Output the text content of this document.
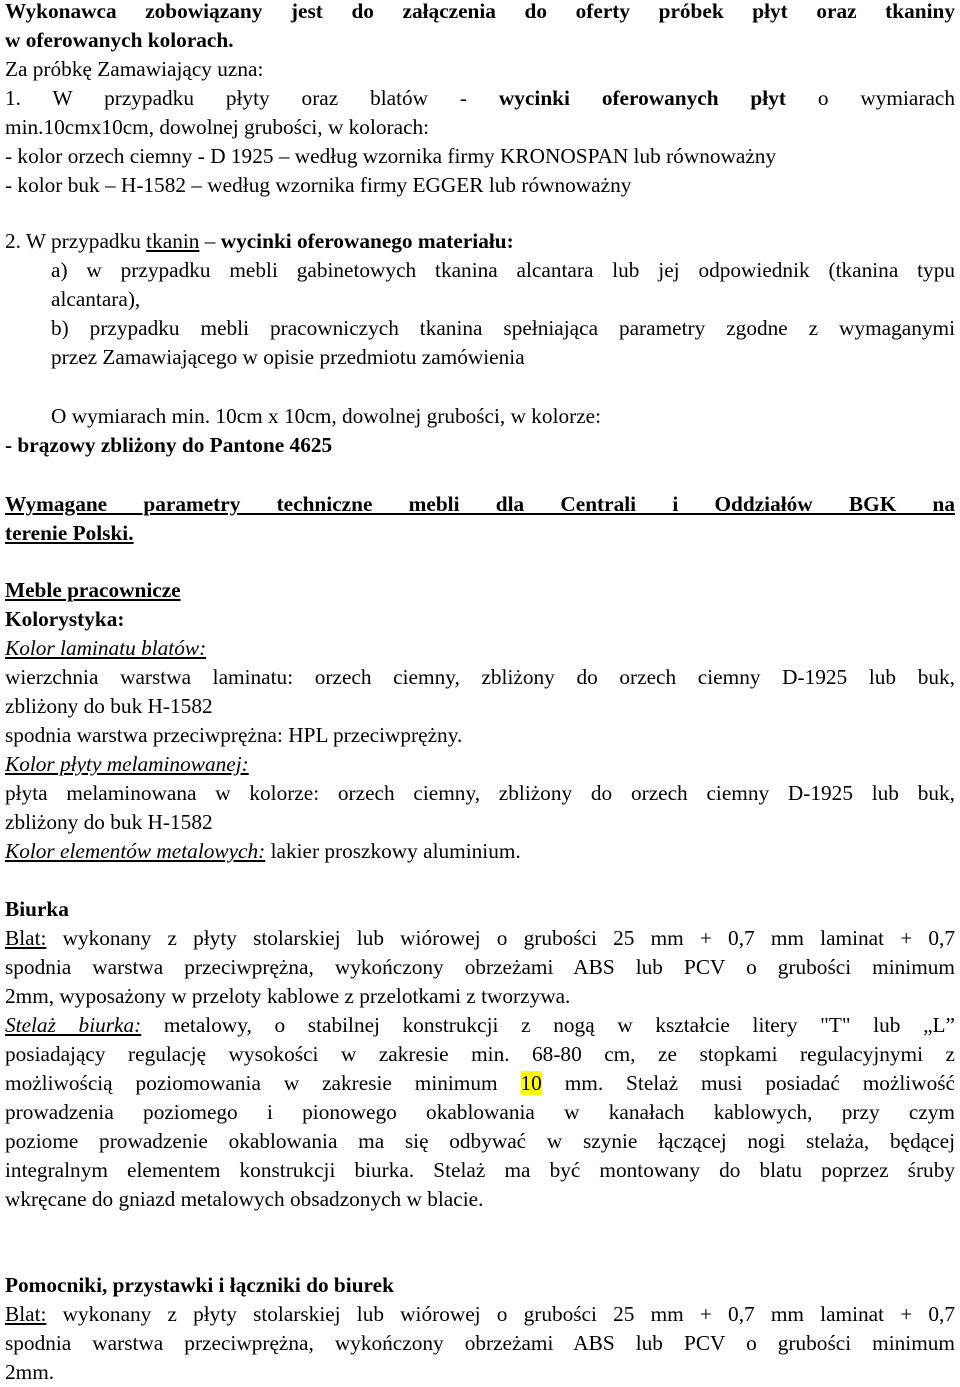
Wykonawca zobowiązany jest do załączenia do oferty próbek płyt oraz tkaniny

w oferowanych kolorach.

Za próbkę Zamawiający uzna:

1. W przypadku płyty oraz blatów - wycinki oferowanych płyt o wymiarach

min.10cmx10cm, dowolnej grubości, w kolorach:

- kolor orzech ciemny - D 1925 – według wzornika firmy KRONOSPAN lub równoważny

- kolor buk – H-1582 – według wzornika firmy EGGER lub równoważny

2. W przypadku tkanin – wycinki oferowanego materiału:

a) w przypadku mebli gabinetowych tkanina alcantara lub jej odpowiednik (tkanina typu

alcantara),

b) przypadku mebli pracowniczych tkanina spełniająca parametry zgodne z wymaganymi

przez Zamawiającego w opisie przedmiotu zamówienia

O wymiarach min. 10cm x 10cm, dowolnej grubości, w kolorze:

- brązowy zbliżony do Pantone 4625

Wymagane parametry techniczne mebli dla Centrali i Oddziałów BGK na

terenie Polski.

Meble pracownicze

Kolorystyka:

Kolor laminatu blatów:

wierzchnia warstwa laminatu: orzech ciemny, zbliżony do orzech ciemny D-1925 lub buk,

zbliżony do buk H-1582

spodnia warstwa przeciwprężna: HPL przeciwprężny.

Kolor płyty melaminowanej:

płyta melaminowana w kolorze: orzech ciemny, zbliżony do orzech ciemny D-1925 lub buk,

zbliżony do buk H-1582

Kolor elementów metalowych: lakier proszkowy aluminium.

Biurka

Blat: wykonany z płyty stolarskiej lub wiórowej o grubości 25 mm + 0,7 mm laminat + 0,7

spodnia warstwa przeciwprężna, wykończony obrzeżami ABS lub PCV o grubości minimum

2mm, wyposażony w przeloty kablowe z przelotkami z tworzywa.

Stelaż biurka: metalowy, o stabilnej konstrukcji z nogą w kształcie litery "T" lub „L”

posiadający regulację wysokości w zakresie min. 68-80 cm, ze stopkami regulacyjnymi z

możliwością poziomowania w zakresie minimum 10 mm. Stelaż musi posiadać możliwość

prowadzenia poziomego i pionowego okablowania w kanałach kablowych, przy czym

poziome prowadzenie okablowania ma się odbywać w szynie łączącej nogi stelaża, będącej

integralnym elementem konstrukcji biurka. Stelaż ma być montowany do blatu poprzez śruby

wkręcane do gniazd metalowych obsadzonych w blacie.

Pomocniki, przystawki i łączniki do biurek

Blat: wykonany z płyty stolarskiej lub wiórowej o grubości 25 mm + 0,7 mm laminat + 0,7

spodnia warstwa przeciwprężna, wykończony obrzeżami ABS lub PCV o grubości minimum

2mm.
